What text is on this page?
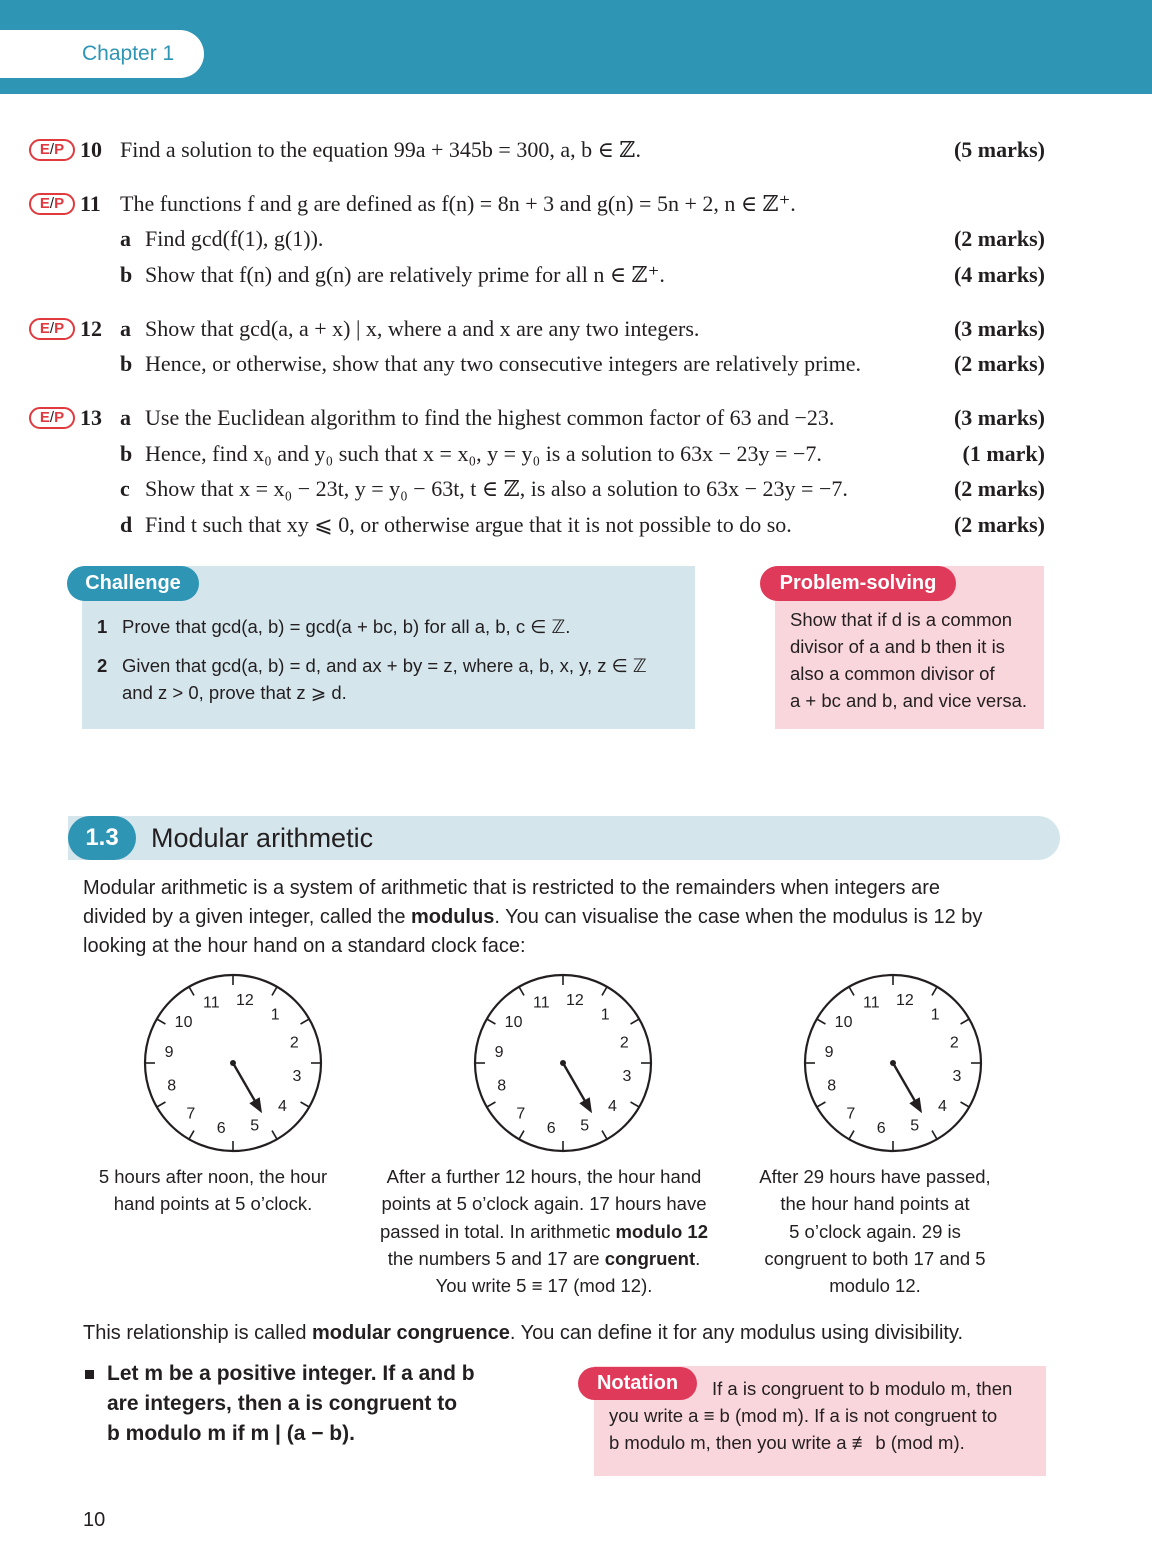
Chapter 1
E/P 10 Find a solution to the equation 99a + 345b = 300, a, b ∈ ℤ.	(5 marks)
E/P 11 The functions f and g are defined as f(n) = 8n + 3 and g(n) = 5n + 2, n ∈ ℤ⁺.
a Find gcd(f(1), g(1)).	(2 marks)
b Show that f(n) and g(n) are relatively prime for all n ∈ ℤ⁺.	(4 marks)
E/P 12 a Show that gcd(a, a + x) | x, where a and x are any two integers.	(3 marks)
b Hence, or otherwise, show that any two consecutive integers are relatively prime.	(2 marks)
E/P 13 a Use the Euclidean algorithm to find the highest common factor of 63 and −23.	(3 marks)
b Hence, find x₀ and y₀ such that x = x₀, y = y₀ is a solution to 63x − 23y = −7.	(1 mark)
c Show that x = x₀ − 23t, y = y₀ − 63t, t ∈ ℤ, is also a solution to 63x − 23y = −7.	(2 marks)
d Find t such that xy ⩽ 0, or otherwise argue that it is not possible to do so.	(2 marks)
Challenge
1 Prove that gcd(a, b) = gcd(a + bc, b) for all a, b, c ∈ ℤ.
2 Given that gcd(a, b) = d, and ax + by = z, where a, b, x, y, z ∈ ℤ
and z > 0, prove that z ⩾ d.
Problem-solving
Show that if d is a common
divisor of a and b then it is
also a common divisor of
a + bc and b, and vice versa.
1.3	Modular arithmetic
Modular arithmetic is a system of arithmetic that is restricted to the remainders when integers are
divided by a given integer, called the modulus. You can visualise the case when the modulus is 12 by
looking at the hour hand on a standard clock face:
12
1
2
3
4
5
6
7
8
9
10
11	12
1
2
3
4
5
6
7
8
9
10
11	12
1
2
3
4
5
6
7
8
9
10
11
5 hours after noon, the hour
hand points at 5 o’clock.
After a further 12 hours, the hour hand
points at 5 o’clock again. 17 hours have
passed in total. In arithmetic modulo 12
the numbers 5 and 17 are congruent.
You write 5 ≡ 17 (mod 12).
After 29 hours have passed,
the hour hand points at
5 o’clock again. 29 is
congruent to both 17 and 5
modulo 12.
This relationship is called modular congruence. You can define it for any modulus using divisibility.
Let m be a positive integer. If a and b
are integers, then a is congruent to
b modulo m if m | (a − b).
Notation	If a is congruent to b modulo m, then
you write a ≡ b (mod m). If a is not congruent to
b modulo m, then you write a ≢ b (mod m).
10
